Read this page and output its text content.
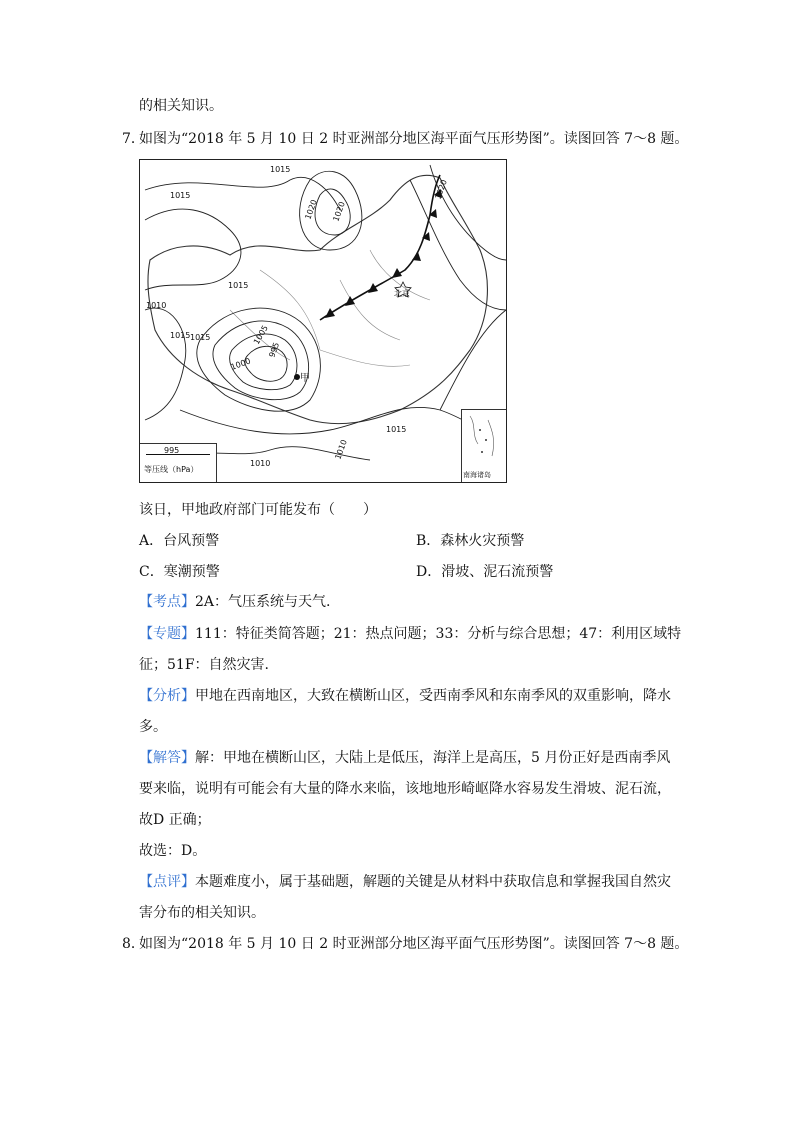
的相关知识。
7．
如图为“2018 年 5 月 10 日 2 时亚洲部分地区海平面气压形势图”。读图回答 7～8 题。
1015
1015
1020 1020
1015
1015
1010
1015
1000
1005
995
1010
1015
1010
1020
北京
甲
995
等压线（hPa）
南海诸岛
该日，甲地政府部门可能发布（　　）
A．台风预警	B．森林火灾预警
C．寒潮预警	D．滑坡、泥石流预警
【考点】2A：气压系统与天气.
【专题】111：特征类简答题；21：热点问题；33：分析与综合思想；47：利用区域特
征；51F：自然灾害.
【分析】甲地在西南地区，大致在横断山区，受西南季风和东南季风的双重影响，降水
多。
【解答】解：甲地在横断山区，大陆上是低压，海洋上是高压，5 月份正好是西南季风
要来临，说明有可能会有大量的降水来临，该地地形崎岖降水容易发生滑坡、泥石流，
故D 正确；
故选：D。
【点评】本题难度小，属于基础题，解题的关键是从材料中获取信息和掌握我国自然灾
害分布的相关知识。
8．
如图为“2018 年 5 月 10 日 2 时亚洲部分地区海平面气压形势图”。读图回答 7～8 题。
